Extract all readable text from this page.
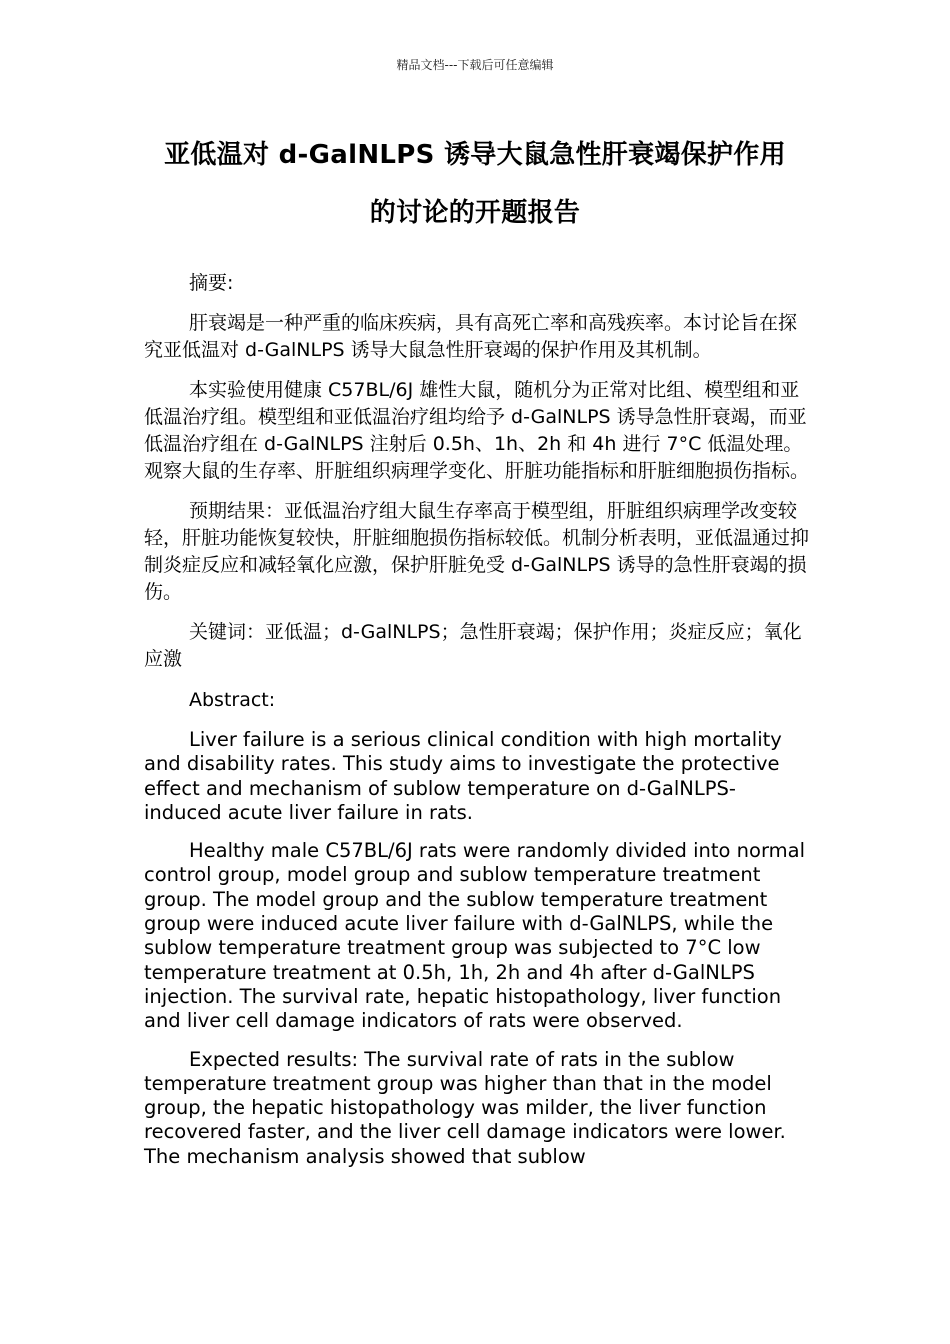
精品文档---下载后可任意编辑
亚低温对 d-GalNLPS 诱导大鼠急性肝衰竭保护作用
的讨论的开题报告

摘要:

肝衰竭是一种严重的临床疾病，具有高死亡率和高残疾率。本讨论旨在探究亚低温对 d-GalNLPS 诱导大鼠急性肝衰竭的保护作用及其机制。

本实验使用健康 C57BL/6J 雄性大鼠，随机分为正常对比组、模型组和亚低温治疗组。模型组和亚低温治疗组均给予 d-GalNLPS 诱导急性肝衰竭，而亚低温治疗组在 d-GalNLPS 注射后 0.5h、1h、2h 和 4h 进行 7°C 低温处理。观察大鼠的生存率、肝脏组织病理学变化、肝脏功能指标和肝脏细胞损伤指标。

预期结果：亚低温治疗组大鼠生存率高于模型组，肝脏组织病理学改变较轻，肝脏功能恢复较快，肝脏细胞损伤指标较低。机制分析表明，亚低温通过抑制炎症反应和减轻氧化应激，保护肝脏免受 d-GalNLPS 诱导的急性肝衰竭的损伤。

关键词：亚低温；d-GalNLPS；急性肝衰竭；保护作用；炎症反应；氧化应激

Abstract:

Liver failure is a serious clinical condition with high mortality and disability rates. This study aims to investigate the protective effect and mechanism of sublow temperature on d-GalNLPS-induced acute liver failure in rats.

Healthy male C57BL/6J rats were randomly divided into normal control group, model group and sublow temperature treatment group. The model group and the sublow temperature treatment group were induced acute liver failure with d-GalNLPS, while the sublow temperature treatment group was subjected to 7°C low temperature treatment at 0.5h, 1h, 2h and 4h after d-GalNLPS injection. The survival rate, hepatic histopathology, liver function and liver cell damage indicators of rats were observed.

Expected results: The survival rate of rats in the sublow temperature treatment group was higher than that in the model group, the hepatic histopathology was milder, the liver function recovered faster, and the liver cell damage indicators were lower. The mechanism analysis showed that sublow
